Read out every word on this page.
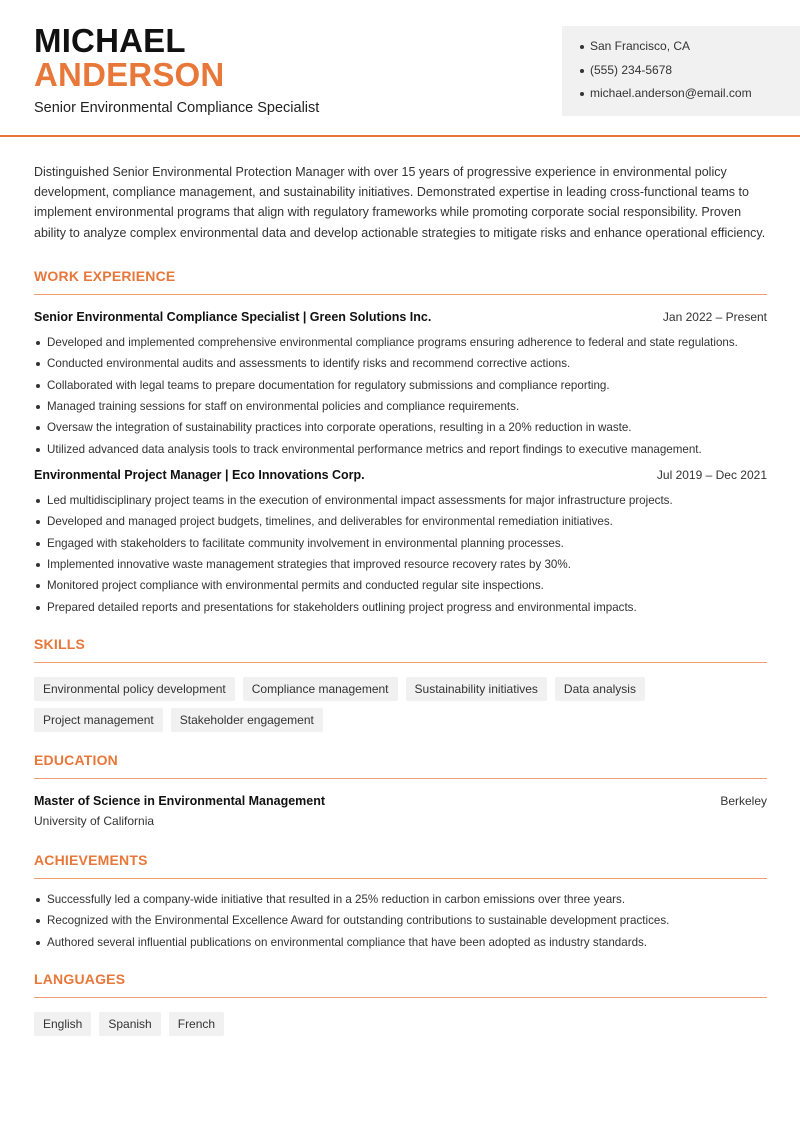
MICHAEL
ANDERSON
Senior Environmental Compliance Specialist
San Francisco, CA
(555) 234-5678
michael.anderson@email.com

Distinguished Senior Environmental Protection Manager with over 15 years of progressive experience in environmental policy development, compliance management, and sustainability initiatives. Demonstrated expertise in leading cross-functional teams to implement environmental programs that align with regulatory frameworks while promoting corporate social responsibility. Proven ability to analyze complex environmental data and develop actionable strategies to mitigate risks and enhance operational efficiency.

WORK EXPERIENCE
Senior Environmental Compliance Specialist | Green Solutions Inc.	Jan 2022 – Present
Developed and implemented comprehensive environmental compliance programs ensuring adherence to federal and state regulations.
Conducted environmental audits and assessments to identify risks and recommend corrective actions.
Collaborated with legal teams to prepare documentation for regulatory submissions and compliance reporting.
Managed training sessions for staff on environmental policies and compliance requirements.
Oversaw the integration of sustainability practices into corporate operations, resulting in a 20% reduction in waste.
Utilized advanced data analysis tools to track environmental performance metrics and report findings to executive management.
Environmental Project Manager | Eco Innovations Corp.	Jul 2019 – Dec 2021
Led multidisciplinary project teams in the execution of environmental impact assessments for major infrastructure projects.
Developed and managed project budgets, timelines, and deliverables for environmental remediation initiatives.
Engaged with stakeholders to facilitate community involvement in environmental planning processes.
Implemented innovative waste management strategies that improved resource recovery rates by 30%.
Monitored project compliance with environmental permits and conducted regular site inspections.
Prepared detailed reports and presentations for stakeholders outlining project progress and environmental impacts.
SKILLS
Environmental policy development	Compliance management	Sustainability initiatives	Data analysis
Project management	Stakeholder engagement
EDUCATION
Master of Science in Environmental Management	Berkeley
University of California
ACHIEVEMENTS
Successfully led a company-wide initiative that resulted in a 25% reduction in carbon emissions over three years.
Recognized with the Environmental Excellence Award for outstanding contributions to sustainable development practices.
Authored several influential publications on environmental compliance that have been adopted as industry standards.
LANGUAGES
English	Spanish	French
